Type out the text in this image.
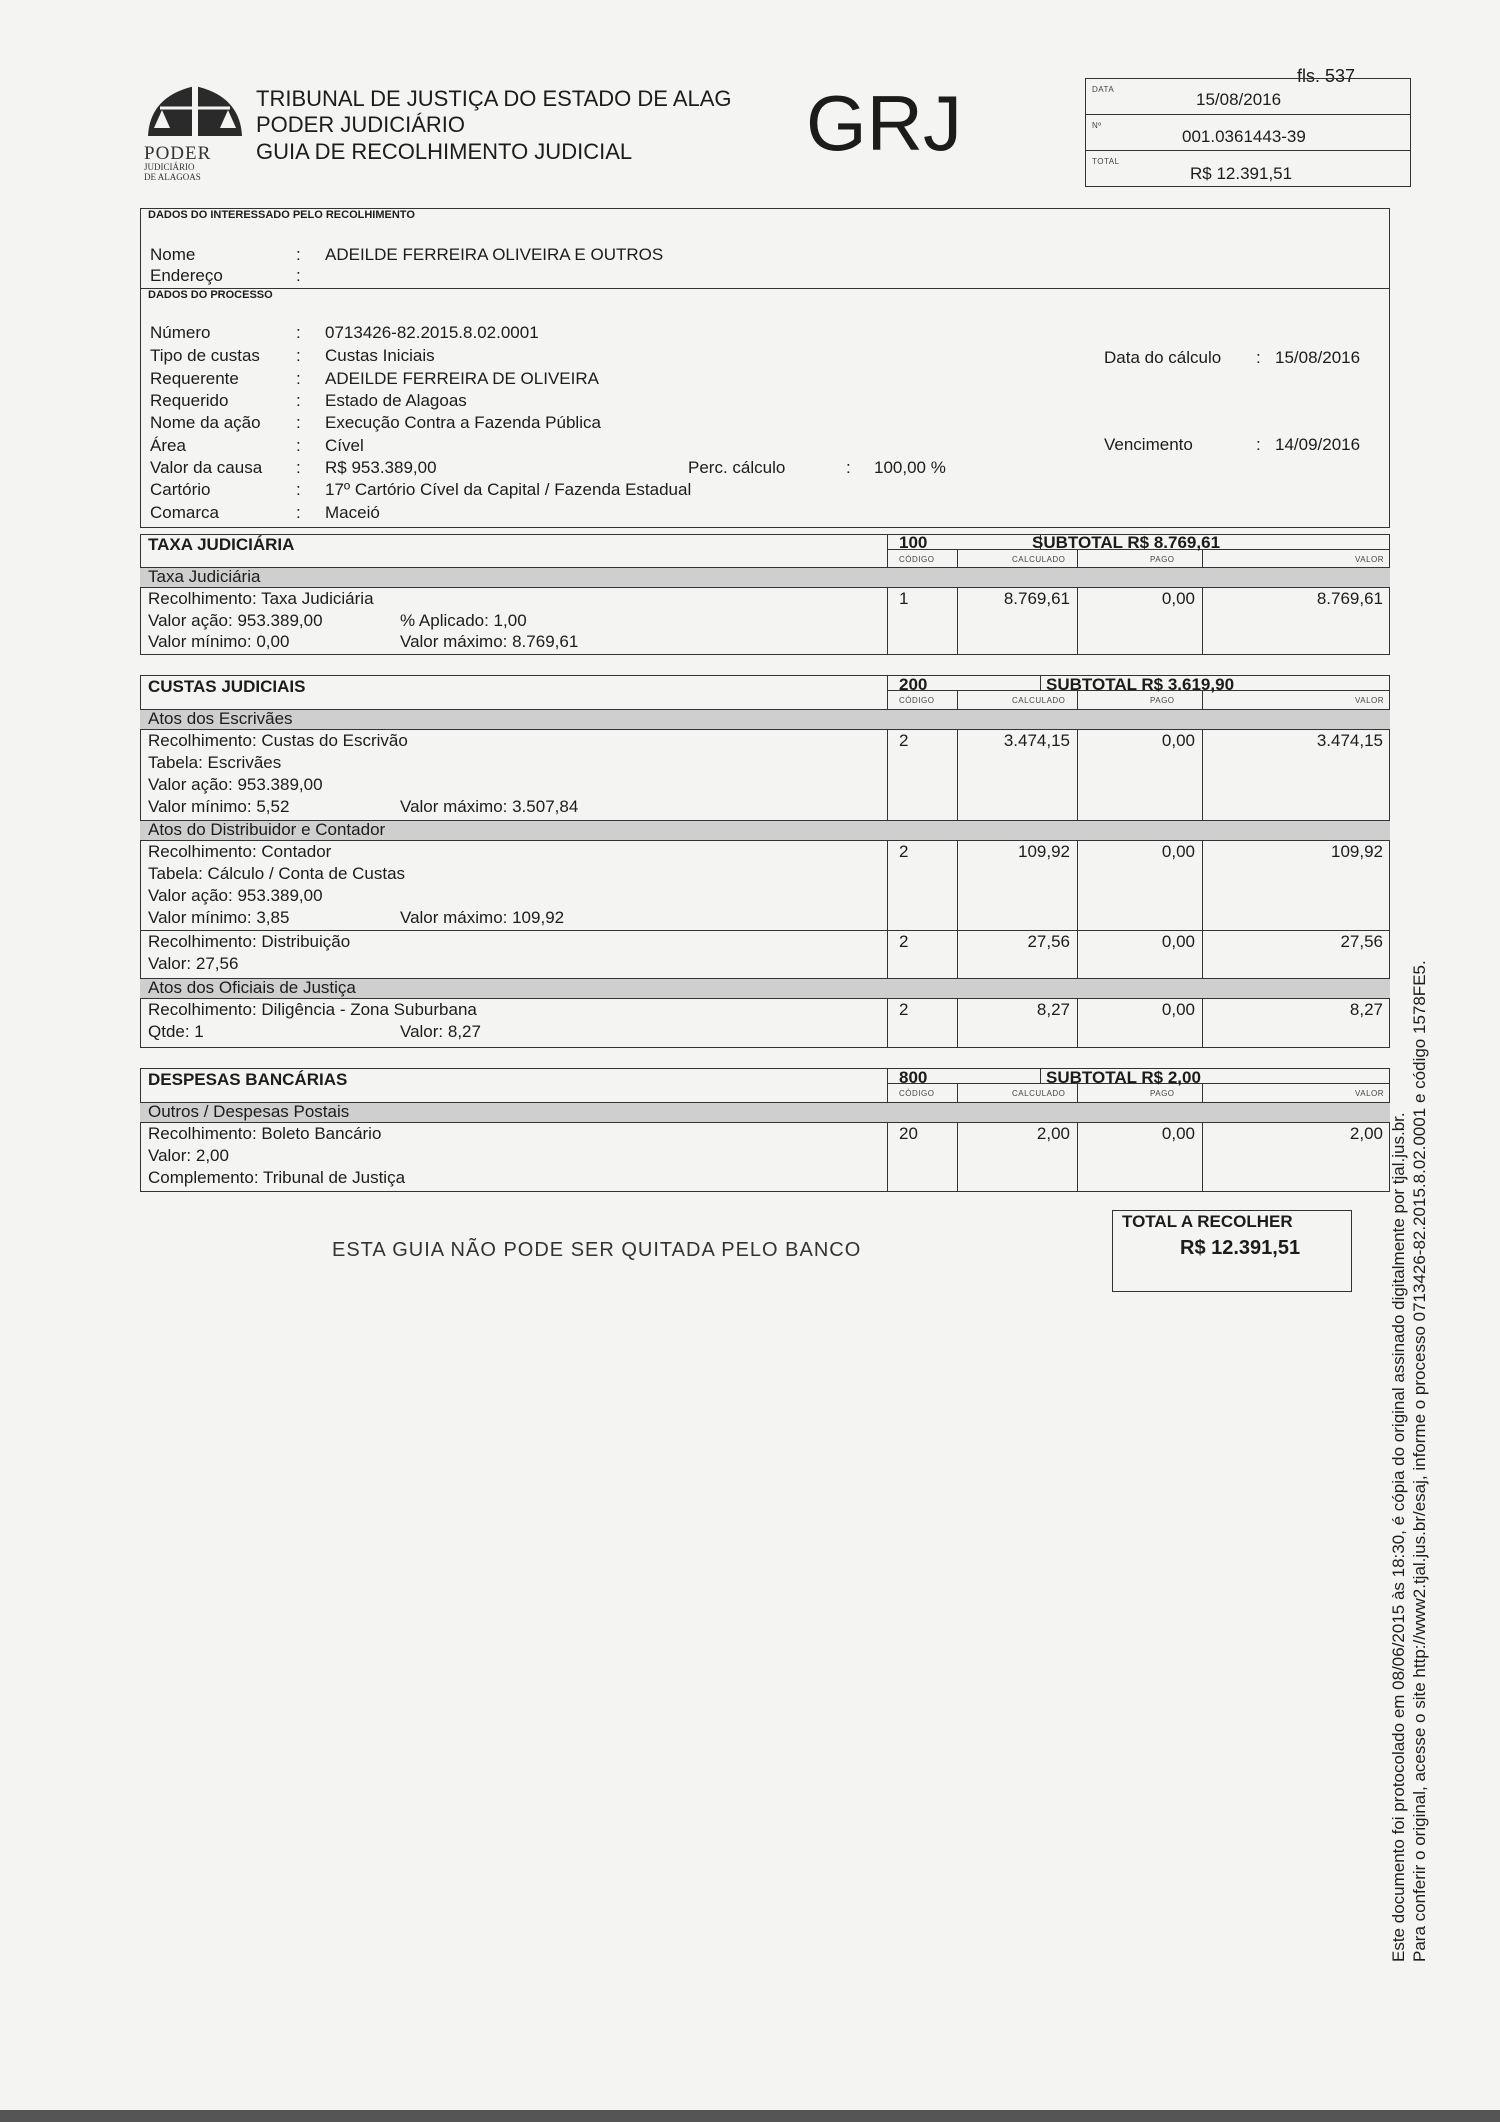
fls. 537
PODER
JUDICIÁRIO
DE ALAGOAS
TRIBUNAL DE JUSTIÇA DO ESTADO DE ALAG
PODER JUDICIÁRIO
GUIA DE RECOLHIMENTO JUDICIAL GRJ	DATA
15/08/2016
Nº
001.0361443-39
TOTAL
R$ 12.391,51
DADOS DO INTERESSADO PELO RECOLHIMENTO
Nome	: ADEILDE FERREIRA OLIVEIRA E OUTROS
Endereço	:
DADOS DO PROCESSO
Número	: 0713426-82.2015.8.02.0001
Tipo de custas : Custas Iniciais
Requerente	: ADEILDE FERREIRA DE OLIVEIRA
Requerido	: Estado de Alagoas
Nome da ação : Execução Contra a Fazenda Pública
Área	: Cível
Valor da causa : R$ 953.389,00	Perc. cálculo	: 100,00 %
Cartório	: 17º Cartório Cível da Capital / Fazenda Estadual
Comarca	: Maceió
Data do cálculo : 15/08/2016
Vencimento	: 14/09/2016
TAXA JUDICIÁRIA	100	SUBTOTAL R$ 8.769,61
CÓDIGO	CALCULADO	PAGO	VALOR
Taxa Judiciária
Recolhimento: Taxa Judiciária
Valor ação: 953.389,00	% Aplicado: 1,00
Valor mínimo: 0,00	Valor máximo: 8.769,61
1	8.769,61	0,00	8.769,61
CUSTAS JUDICIAIS	200	SUBTOTAL R$ 3.619,90
CÓDIGO	CALCULADO	PAGO	VALOR
Atos dos Escrivães
Recolhimento: Custas do Escrivão
Tabela: Escrivães
Valor ação: 953.389,00
Valor mínimo: 5,52	Valor máximo: 3.507,84
2	3.474,15	0,00	3.474,15
Atos do Distribuidor e Contador
Recolhimento: Contador
Tabela: Cálculo / Conta de Custas
Valor ação: 953.389,00
Valor mínimo: 3,85	Valor máximo: 109,92
2	109,92	0,00	109,92
Recolhimento: Distribuição
Valor: 27,56
2	27,56	0,00	27,56
Atos dos Oficiais de Justiça
Recolhimento: Diligência - Zona Suburbana
Qtde: 1	Valor: 8,27
2	8,27	0,00	8,27
DESPESAS BANCÁRIAS	800	SUBTOTAL R$ 2,00
CÓDIGO	CALCULADO	PAGO	VALOR
Outros / Despesas Postais
Recolhimento: Boleto Bancário
Valor: 2,00
Complemento: Tribunal de Justiça
20	2,00	0,00	2,00
ESTA GUIA NÃO PODE SER QUITADA PELO BANCO
TOTAL A RECOLHER
R$ 12.391,51	Este documento foi protocolado em 08/06/2015 às 18:30, é cópia do original assinado digitalmente por tjal.jus.br. Para conferir o original, acesse o site http://www2.tjal.jus.br/esaj, informe o processo 0713426-82.2015.8.02.0001 e código 1578FE5.
